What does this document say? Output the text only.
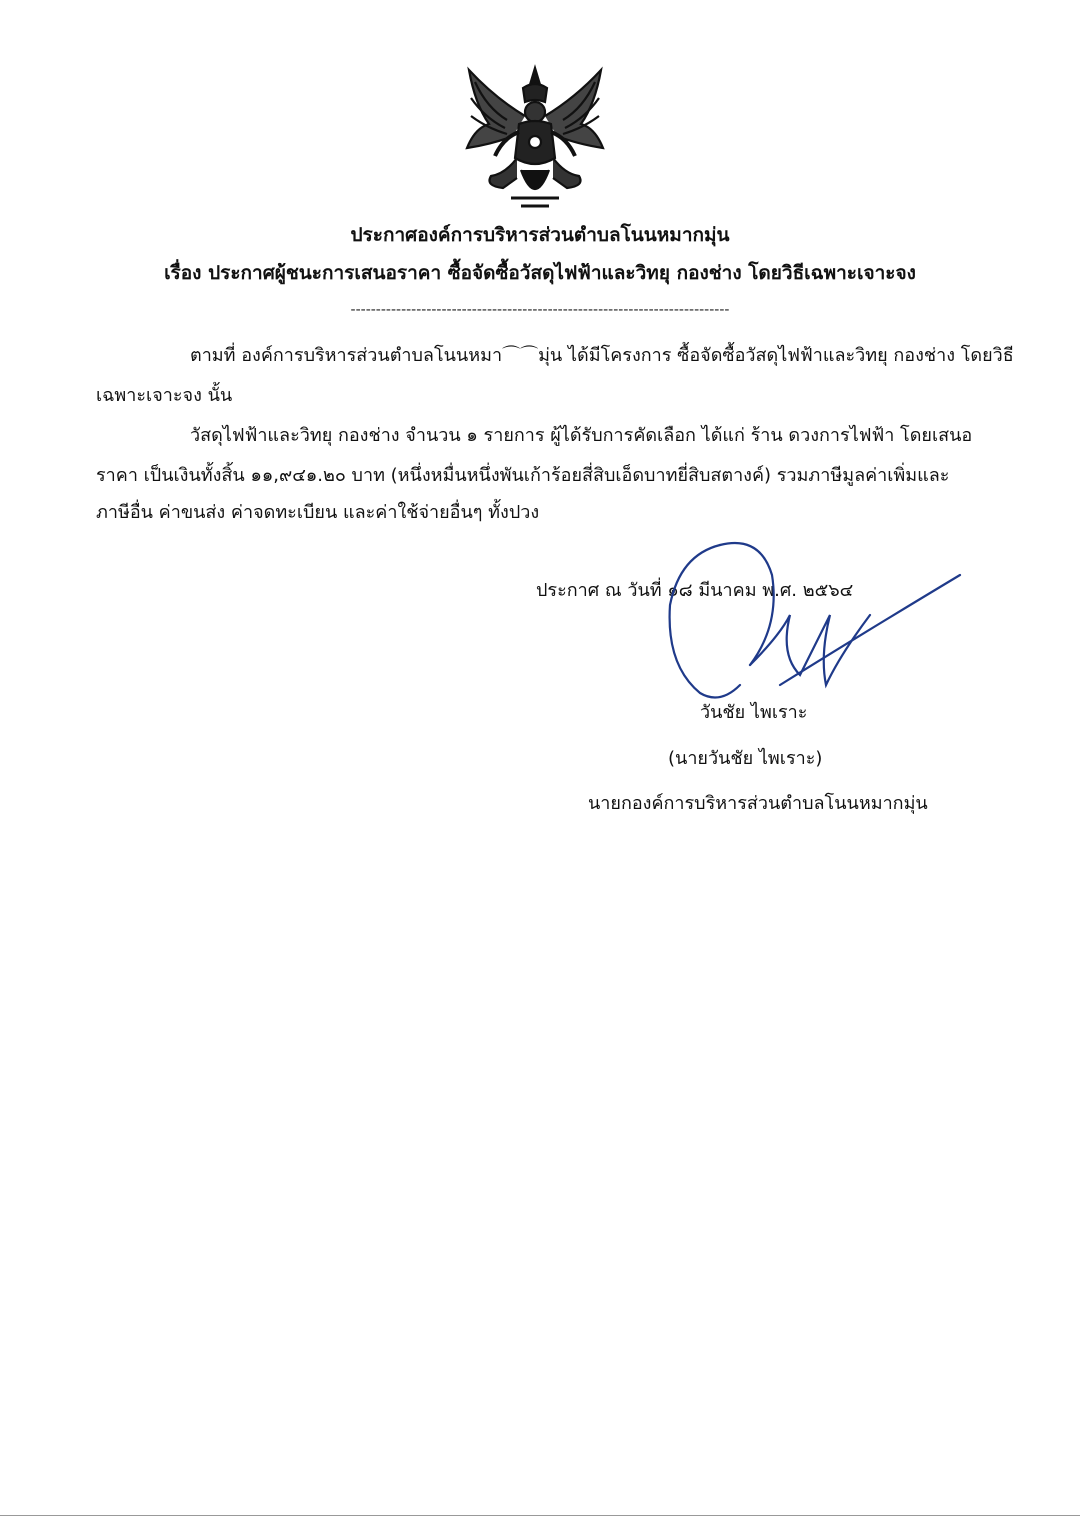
ประกาศองค์การบริหารส่วนตำบลโนนหมากมุ่น
เรื่อง ประกาศผู้ชนะการเสนอราคา ซื้อจัดซื้อวัสดุไฟฟ้าและวิทยุ กองช่าง โดยวิธีเฉพาะเจาะจง
---------------------------------------------------------------------------
ตามที่ องค์การบริหารส่วนตำบลโนนหมา⌒⌒มุ่น ได้มีโครงการ ซื้อจัดซื้อวัสดุไฟฟ้าและวิทยุ กองช่าง โดยวิธี
เฉพาะเจาะจง นั้น
วัสดุไฟฟ้าและวิทยุ กองช่าง จำนวน ๑ รายการ ผู้ได้รับการคัดเลือก ได้แก่ ร้าน ดวงการไฟฟ้า โดยเสนอ
ราคา เป็นเงินทั้งสิ้น ๑๑,๙๔๑.๒๐ บาท (หนึ่งหมื่นหนึ่งพันเก้าร้อยสี่สิบเอ็ดบาทยี่สิบสตางค์) รวมภาษีมูลค่าเพิ่มและ
ภาษีอื่น ค่าขนส่ง ค่าจดทะเบียน และค่าใช้จ่ายอื่นๆ ทั้งปวง
ประกาศ ณ วันที่ ๑๘ มีนาคม พ.ศ. ๒๕๖๔
วันชัย ไพเราะ
(นายวันชัย ไพเราะ)
นายกองค์การบริหารส่วนตำบลโนนหมากมุ่น
